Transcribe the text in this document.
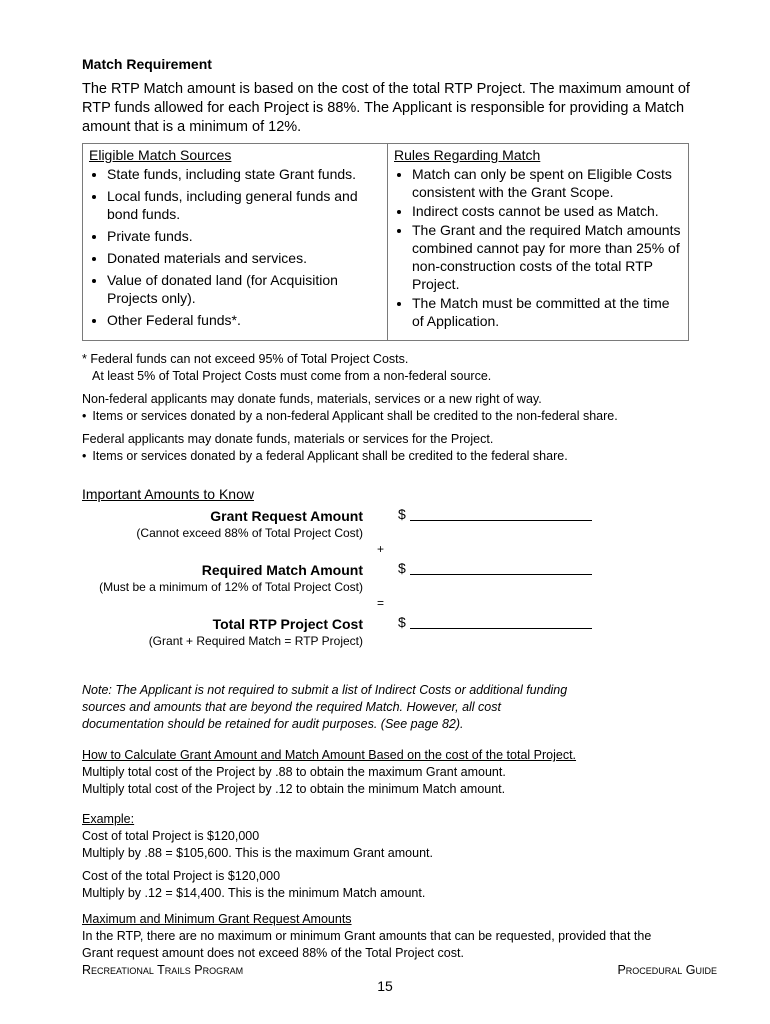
Match Requirement

The RTP Match amount is based on the cost of the total RTP Project. The maximum amount of RTP funds allowed for each Project is 88%. The Applicant is responsible for providing a Match amount that is a minimum of 12%.

Eligible Match Sources
• State funds, including state Grant funds.
• Local funds, including general funds and bond funds.
• Private funds.
• Donated materials and services.
• Value of donated land (for Acquisition Projects only).
• Other Federal funds*.
Rules Regarding Match
• Match can only be spent on Eligible Costs consistent with the Grant Scope.
• Indirect costs cannot be used as Match.
• The Grant and the required Match amounts combined cannot pay for more than 25% of non-construction costs of the total RTP Project.
• The Match must be committed at the time of Application.
* Federal funds can not exceed 95% of Total Project Costs.
At least 5% of Total Project Costs must come from a non-federal source.
Non-federal applicants may donate funds, materials, services or a new right of way.
• Items or services donated by a non-federal Applicant shall be credited to the non-federal share.
Federal applicants may donate funds, materials or services for the Project.
• Items or services donated by a federal Applicant shall be credited to the federal share.
Important Amounts to Know
Grant Request Amount
(Cannot exceed 88% of Total Project Cost)
$
+
Required Match Amount
(Must be a minimum of 12% of Total Project Cost)
$
=
Total RTP Project Cost
(Grant + Required Match = RTP Project)
$
Note: The Applicant is not required to submit a list of Indirect Costs or additional funding sources and amounts that are beyond the required Match. However, all cost documentation should be retained for audit purposes. (See page 82).
How to Calculate Grant Amount and Match Amount Based on the cost of the total Project.
Multiply total cost of the Project by .88 to obtain the maximum Grant amount.
Multiply total cost of the Project by .12 to obtain the minimum Match amount.
Example:
Cost of total Project is $120,000
Multiply by .88 = $105,600. This is the maximum Grant amount.
Cost of the total Project is $120,000
Multiply by .12 = $14,400. This is the minimum Match amount.
Maximum and Minimum Grant Request Amounts
In the RTP, there are no maximum or minimum Grant amounts that can be requested, provided that the Grant request amount does not exceed 88% of the Total Project cost.
Recreational Trails Program	Procedural Guide
15
